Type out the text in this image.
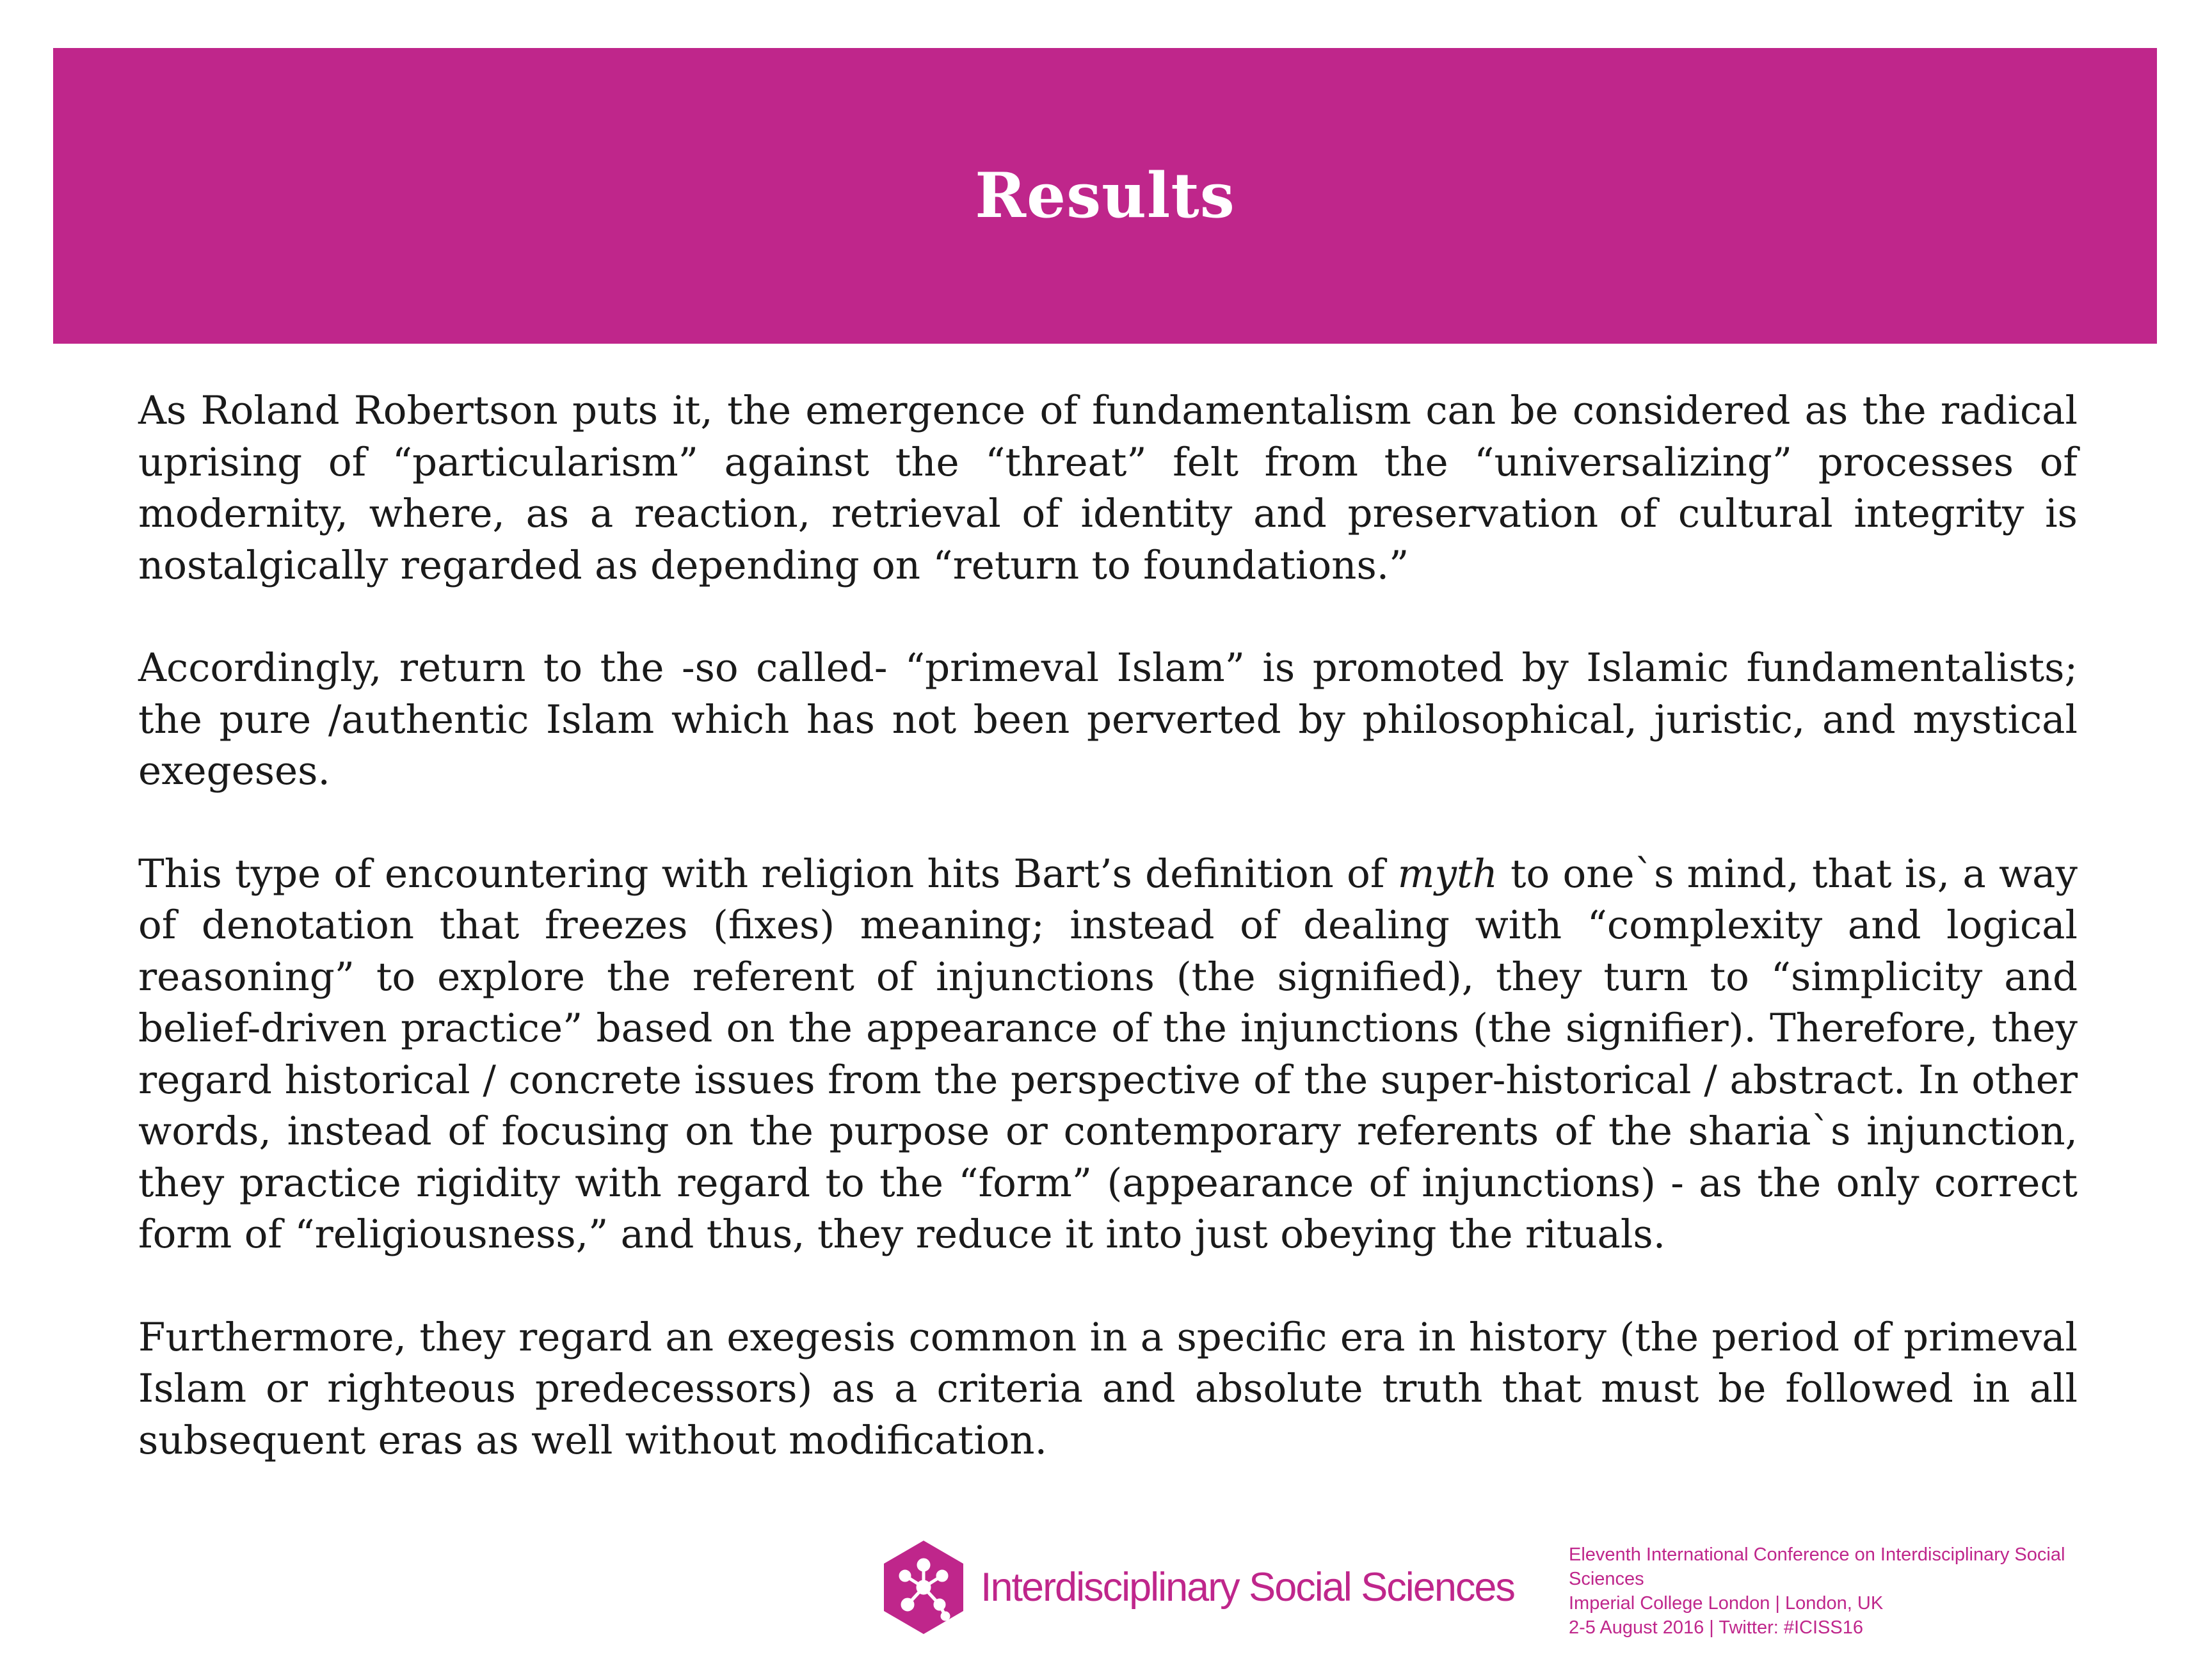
Results

As Roland Robertson puts it, the emergence of fundamentalism can be considered as the radical uprising of “particularism” against the “threat” felt from the “universalizing” processes of modernity, where, as a reaction, retrieval of identity and preservation of cultural integrity is nostalgically regarded as depending on “return to foundations.”

Accordingly, return to the -so called- “primeval Islam” is promoted by Islamic fundamentalists; the pure /authentic Islam which has not been perverted by philosophical, juristic, and mystical exegeses.

This type of encountering with religion hits Bart’s definition of myth to one`s mind, that is, a way of denotation that freezes (fixes) meaning; instead of dealing with “complexity and logical reasoning” to explore the referent of injunctions (the signified), they turn to “simplicity and belief-driven practice” based on the appearance of the injunctions (the signifier). Therefore, they regard historical / concrete issues from the perspective of the super-historical / abstract. In other words, instead of focusing on the purpose or contemporary referents of the sharia`s injunction, they practice rigidity with regard to the “form” (appearance of injunctions) - as the only correct form of “religiousness,” and thus, they reduce it into just obeying the rituals.

Furthermore, they regard an exegesis common in a specific era in history (the period of primeval Islam or righteous predecessors) as a criteria and absolute truth that must be followed in all subsequent eras as well without modification.

Interdisciplinary Social Sciences
Eleventh International Conference on Interdisciplinary Social
Sciences
Imperial College London | London, UK
2-5 August 2016 | Twitter: #ICISS16
